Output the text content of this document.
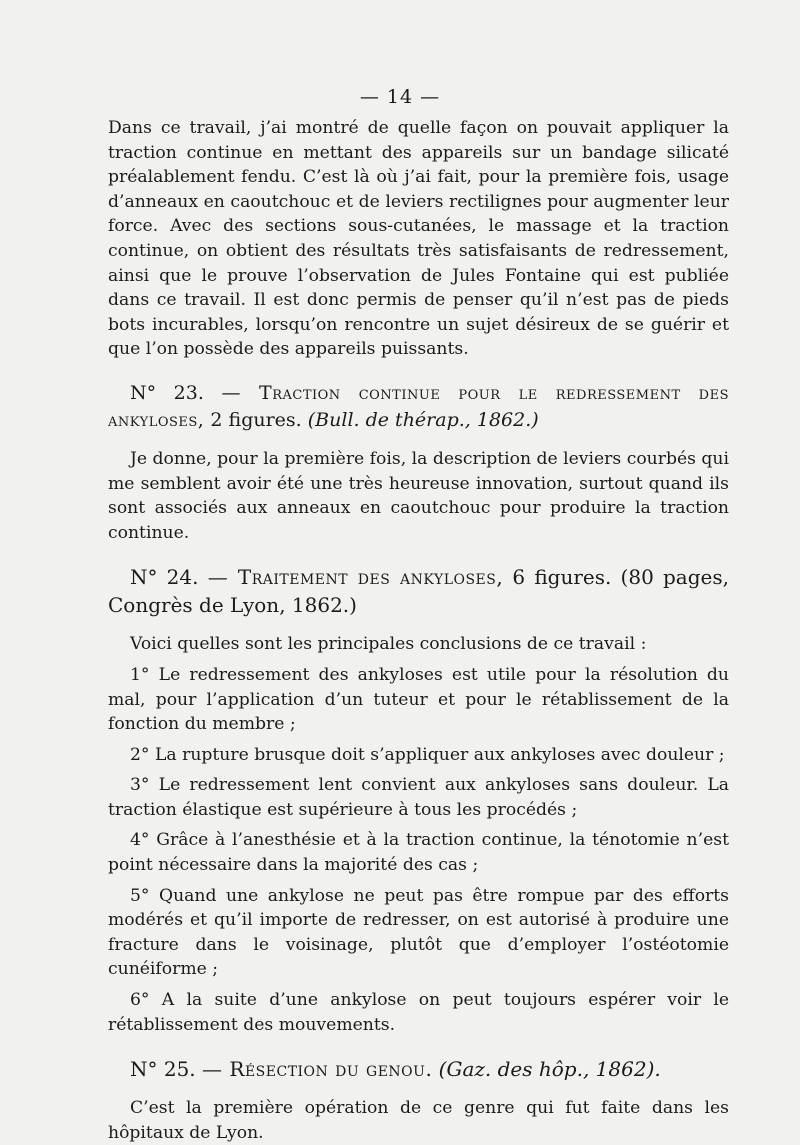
— 14 —

Dans ce travail, j’ai montré de quelle façon on pouvait appliquer la traction continue en mettant des appareils sur un bandage silicaté préalablement fendu. C’est là où j’ai fait, pour la première fois, usage d’anneaux en caoutchouc et de leviers rectilignes pour augmenter leur force. Avec des sections sous-cutanées, le massage et la traction continue, on obtient des résultats très satisfaisants de redressement, ainsi que le prouve l’observation de Jules Fontaine qui est publiée dans ce travail. Il est donc permis de penser qu’il n’est pas de pieds bots incurables, lorsqu’on rencontre un sujet désireux de se guérir et que l’on possède des appareils puissants.

N° 23. — Traction continue pour le redressement des ankyloses, 2 figures. (Bull. de thérap., 1862.)

Je donne, pour la première fois, la description de leviers courbés qui me semblent avoir été une très heureuse innovation, surtout quand ils sont associés aux anneaux en caoutchouc pour produire la traction continue.

N° 24. — Traitement des ankyloses, 6 figures. (80 pages, Congrès de Lyon, 1862.)

Voici quelles sont les principales conclusions de ce travail :

1° Le redressement des ankyloses est utile pour la résolution du mal, pour l’application d’un tuteur et pour le rétablissement de la fonction du membre ;

2° La rupture brusque doit s’appliquer aux ankyloses avec douleur ;

3° Le redressement lent convient aux ankyloses sans douleur. La traction élastique est supérieure à tous les procédés ;

4° Grâce à l’anesthésie et à la traction continue, la ténotomie n’est point nécessaire dans la majorité des cas ;

5° Quand une ankylose ne peut pas être rompue par des efforts modérés et qu’il importe de redresser, on est autorisé à produire une fracture dans le voisinage, plutôt que d’employer l’ostéotomie cunéiforme ;

6° A la suite d’une ankylose on peut toujours espérer voir le rétablissement des mouvements.

N° 25. — Résection du genou. (Gaz. des hôp., 1862).

C’est la première opération de ce genre qui fut faite dans les hôpitaux de Lyon.
